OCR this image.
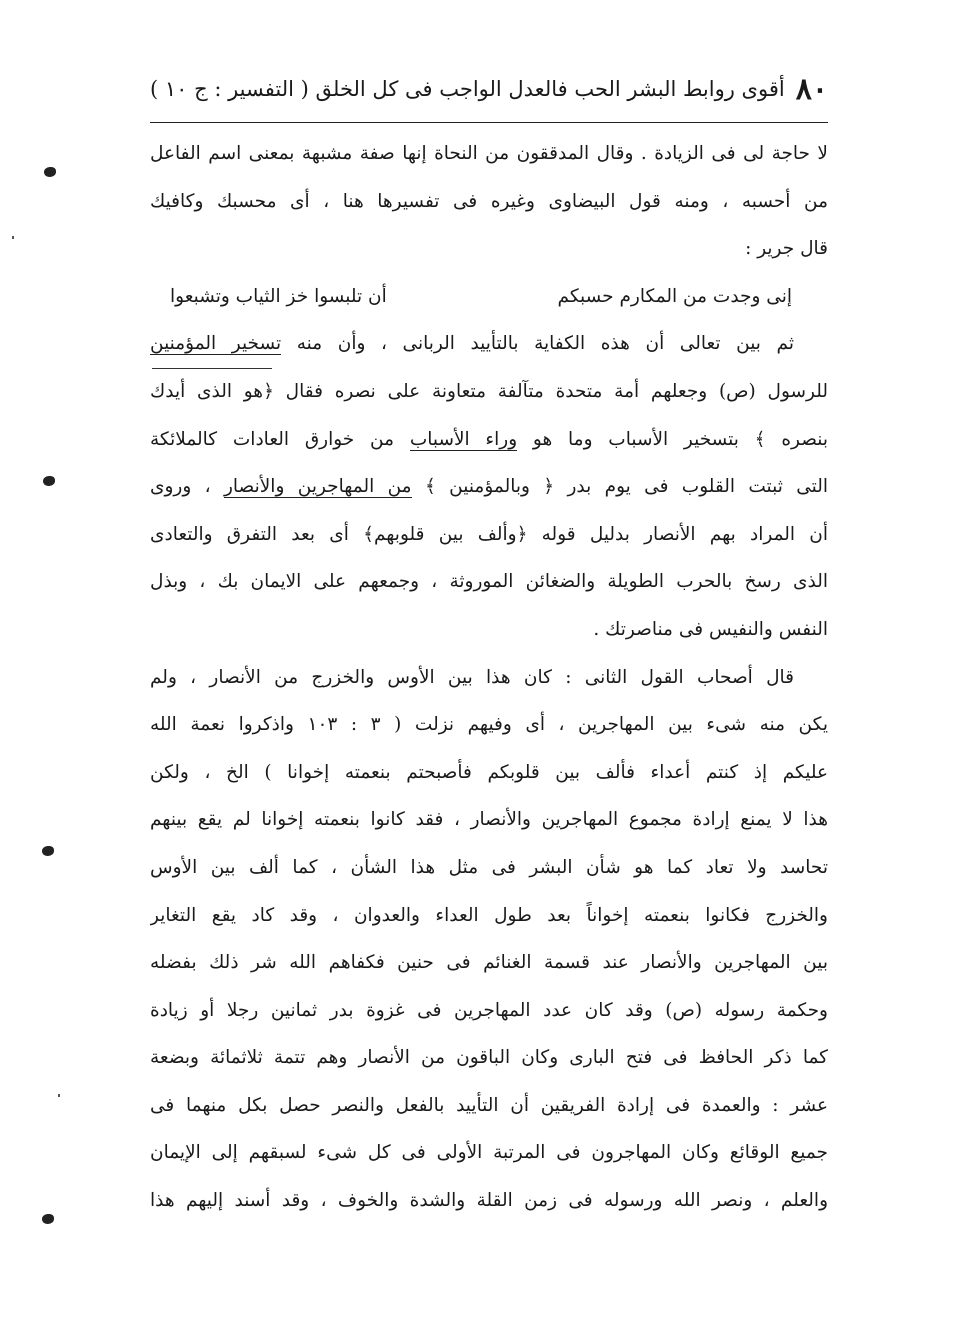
٨٠
أقوى روابط البشر الحب فالعدل الواجب فى كل الخلق ( التفسير : ج ١٠ )
لا حاجة لى فى الزيادة . وقال المدققون من النحاة إنها صفة مشبهة بمعنى اسم الفاعل
من أحسبه ، ومنه قول البيضاوى وغيره فى تفسيرها هنا ، أى محسبك وكافيك
قال جرير :
إنى وجدت من المكارم حسبكم
أن تلبسوا خز الثياب وتشبعوا
ثم بين تعالى أن هذه الكفاية بالتأييد الربانى ، وأن منه تسخير المؤمنين
للرسول (ص) وجعلهم أمة متحدة متآلفة متعاونة على نصره فقال ﴿هو الذى أيدك
بنصره ﴾ بتسخير الأسباب وما هو وراء الأسباب من خوارق العادات كالملائكة
التى ثبتت القلوب فى يوم بدر ﴿ وبالمؤمنين ﴾ من المهاجرين والأنصار ، وروى
أن المراد بهم الأنصار بدليل قوله ﴿وألف بين قلوبهم﴾ أى بعد التفرق والتعادى
الذى رسخ بالحرب الطويلة والضغائن الموروثة ، وجمعهم على الايمان بك ، وبذل
النفس والنفيس فى مناصرتك .
قال أصحاب القول الثانى : كان هذا بين الأوس والخزرج من الأنصار ، ولم
يكن منه شىء بين المهاجرين ، أى وفيهم نزلت ( ٣ : ١٠٣ واذكروا نعمة الله
عليكم إذ كنتم أعداء فألف بين قلوبكم فأصبحتم بنعمته إخوانا ) الخ ، ولكن
هذا لا يمنع إرادة مجموع المهاجرين والأنصار ، فقد كانوا بنعمته إخوانا لم يقع بينهم
تحاسد ولا تعاد كما هو شأن البشر فى مثل هذا الشأن ، كما ألف بين الأوس
والخزرج فكانوا بنعمته إخواناً بعد طول العداء والعدوان ، وقد كاد يقع التغاير
بين المهاجرين والأنصار عند قسمة الغنائم فى حنين فكفاهم الله شر ذلك بفضله
وحكمة رسوله (ص) وقد كان عدد المهاجرين فى غزوة بدر ثمانين رجلا أو زيادة
كما ذكر الحافظ فى فتح البارى وكان الباقون من الأنصار وهم تتمة ثلاثمائة وبضعة
عشر : والعمدة فى إرادة الفريقين أن التأييد بالفعل والنصر حصل بكل منهما فى
جميع الوقائع وكان المهاجرون فى المرتبة الأولى فى كل شىء لسبقهم إلى الإيمان
والعلم ، ونصر الله ورسوله فى زمن القلة والشدة والخوف ، وقد أسند إليهم هذا
